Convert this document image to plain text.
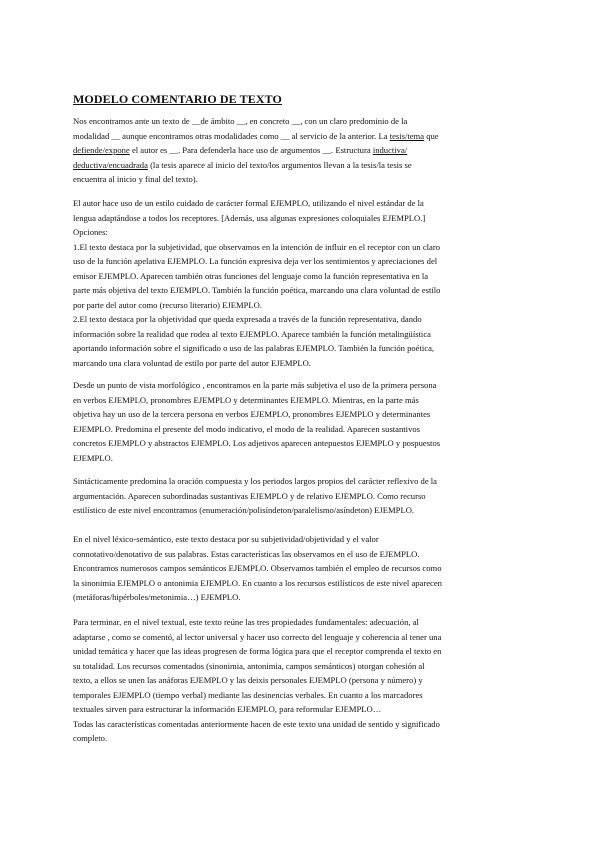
MODELO COMENTARIO DE TEXTO
Nos encontramos ante un texto de __de ámbito __, en concreto __, con un claro predominio de la
modalidad __ aunque encontramos otras modalidades como __ al servicio de la anterior. La tesis/tema que
defiende/expone el autor es __. Para defenderla hace uso de argumentos __. Estructura inductiva/
deductiva/encuadrada (la tesis aparece al inicio del texto/los argumentos llevan a la tesis/la tesis se
encuentra al inicio y final del texto).
El autor hace uso de un estilo cuidado de carácter formal EJEMPLO, utilizando el nivel estándar de la
lengua adaptándose a todos los receptores. [Además, usa algunas expresiones coloquiales EJEMPLO.]
Opciones:
1.El texto destaca por la subjetividad, que observamos en la intención de influir en el receptor con un claro
uso de la función apelativa EJEMPLO. La función expresiva deja ver los sentimientos y apreciaciones del
emisor EJEMPLO. Aparecen también otras funciones del lenguaje como la función representativa en la
parte más objetiva del texto EJEMPLO. También la función poética, marcando una clara voluntad de estilo
por parte del autor como (recurso literario) EJEMPLO.
2.El texto destaca por la objetividad que queda expresada a través de la función representativa, dando
información sobre la realidad que rodea al texto EJEMPLO. Aparece también la función metalingüística
aportando información sobre el significado o uso de las palabras EJEMPLO. También la función poética,
marcando una clara voluntad de estilo por parte del autor EJEMPLO.
Desde un punto de vista morfológico , encontramos en la parte más subjetiva el uso de la primera persona
en verbos EJEMPLO, pronombres EJEMPLO y determinantes EJEMPLO. Mientras, en la parte más
objetiva hay un uso de la tercera persona en verbos EJEMPLO, pronombres EJEMPLO y determinantes
EJEMPLO. Predomina el presente del modo indicativo, el modo de la realidad. Aparecen sustantivos
concretos EJEMPLO y abstractos EJEMPLO. Los adjetivos aparecen antepuestos EJEMPLO y pospuestos
EJEMPLO.
Sintácticamente predomina la oración compuesta y los periodos largos propios del carácter reflexivo de la
argumentación. Aparecen subordinadas sustantivas EJEMPLO y de relativo EJEMPLO. Como recurso
estilístico de este nivel encontramos (enumeración/polisíndeton/paralelismo/asíndeton) EJEMPLO.
En el nivel léxico-semántico, este texto destaca por su subjetividad/objetividad y el valor
connotativo/denotativo de sus palabras. Estas características las observamos en el uso de EJEMPLO.
Encontramos numerosos campos semánticos EJEMPLO. Observamos también el empleo de recursos como
la sinonimia EJEMPLO o antonimia EJEMPLO. En cuanto a los recursos estilísticos de este nivel aparecen
(metáforas/hipérboles/metonimia…) EJEMPLO.
Para terminar, en el nivel textual, este texto reúne las tres propiedades fundamentales: adecuación, al
adaptarse , como se comentó, al lector universal y hacer uso correcto del lenguaje y coherencia al tener una
unidad temática y hacer que las ideas progresen de forma lógica para que el receptor comprenda el texto en
su totalidad. Los recursos comentados (sinonimia, antonimia, campos semánticos) otorgan cohesión al
texto, a ellos se unen las anáforas EJEMPLO y las deixis personales EJEMPLO (persona y número) y
temporales EJEMPLO (tiempo verbal) mediante las desinencias verbales. En cuanto a los marcadores
textuales sirven para estructurar la información EJEMPLO, para reformular EJEMPLO…
Todas las características comentadas anteriormente hacen de este texto una unidad de sentido y significado
completo.
